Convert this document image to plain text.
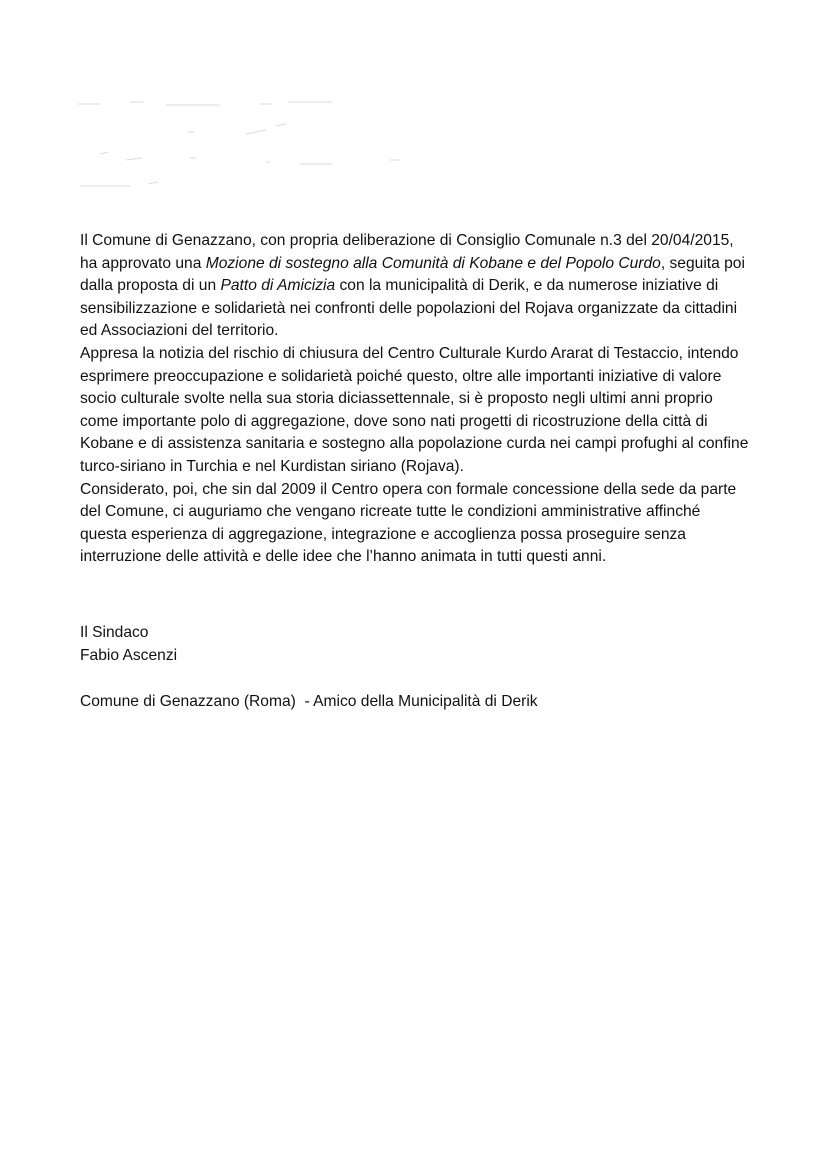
Il Comune di Genazzano, con propria deliberazione di Consiglio Comunale n.3 del 20/04/2015, ha approvato una Mozione di sostegno alla Comunità di Kobane e del Popolo Curdo, seguita poi dalla proposta di un Patto di Amicizia con la municipalità di Derik, e da numerose iniziative di sensibilizzazione e solidarietà nei confronti delle popolazioni del Rojava organizzate da cittadini ed Associazioni del territorio.

Appresa la notizia del rischio di chiusura del Centro Culturale Kurdo Ararat di Testaccio, intendo esprimere preoccupazione e solidarietà poiché questo, oltre alle importanti iniziative di valore socio culturale svolte nella sua storia diciassettennale, si è proposto negli ultimi anni proprio come importante polo di aggregazione, dove sono nati progetti di ricostruzione della città di Kobane e di assistenza sanitaria e sostegno alla popolazione curda nei campi profughi al confine turco-siriano in Turchia e nel Kurdistan siriano (Rojava).

Considerato, poi, che sin dal 2009 il Centro opera con formale concessione della sede da parte del Comune, ci auguriamo che vengano ricreate tutte le condizioni amministrative affinché questa esperienza di aggregazione, integrazione e accoglienza possa proseguire senza interruzione delle attività e delle idee che l’hanno animata in tutti questi anni.

Il Sindaco
Fabio Ascenzi
Comune di Genazzano (Roma)  - Amico della Municipalità di Derik
